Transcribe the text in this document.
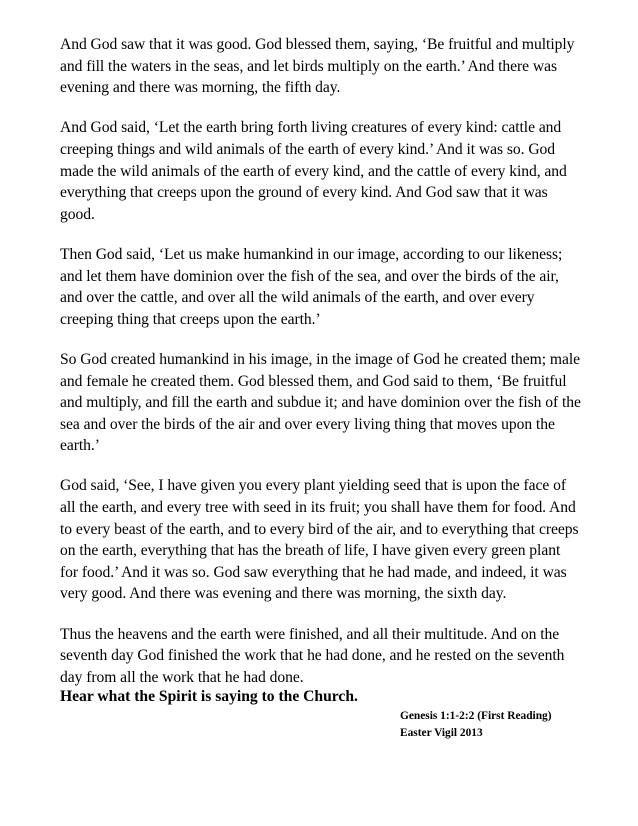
And God saw that it was good. God blessed them, saying, ‘Be fruitful and multiply and fill the waters in the seas, and let birds multiply on the earth.’ And there was evening and there was morning, the fifth day.

And God said, ‘Let the earth bring forth living creatures of every kind: cattle and creeping things and wild animals of the earth of every kind.’ And it was so. God made the wild animals of the earth of every kind, and the cattle of every kind, and everything that creeps upon the ground of every kind. And God saw that it was good.

Then God said, ‘Let us make humankind in our image, according to our likeness; and let them have dominion over the fish of the sea, and over the birds of the air, and over the cattle, and over all the wild animals of the earth, and over every creeping thing that creeps upon the earth.’

So God created humankind in his image, in the image of God he created them; male and female he created them. God blessed them, and God said to them, ‘Be fruitful and multiply, and fill the earth and subdue it; and have dominion over the fish of the sea and over the birds of the air and over every living thing that moves upon the earth.’

God said, ‘See, I have given you every plant yielding seed that is upon the face of all the earth, and every tree with seed in its fruit; you shall have them for food. And to every beast of the earth, and to every bird of the air, and to everything that creeps on the earth, everything that has the breath of life, I have given every green plant for food.’ And it was so. God saw everything that he had made, and indeed, it was very good. And there was evening and there was morning, the sixth day.

Thus the heavens and the earth were finished, and all their multitude. And on the seventh day God finished the work that he had done, and he rested on the seventh day from all the work that he had done.

Hear what the Spirit is saying to the Church.

Genesis 1:1-2:2 (First Reading)
Easter Vigil 2013
